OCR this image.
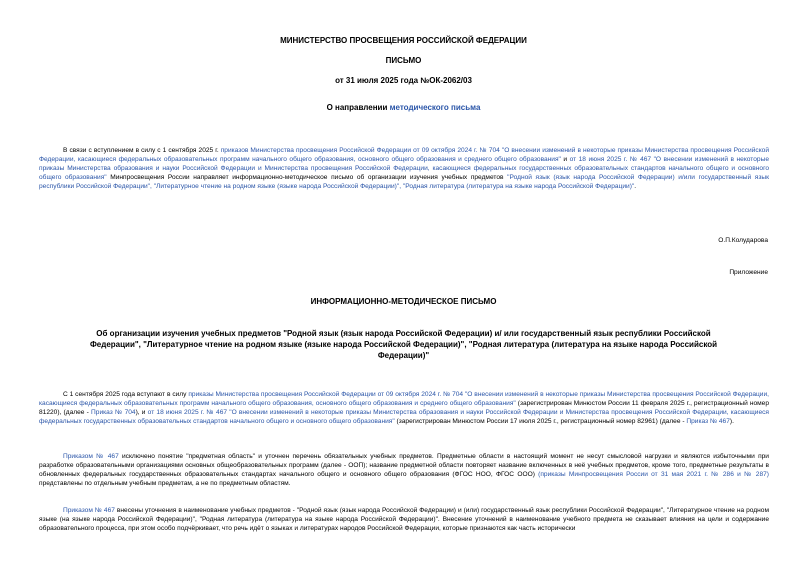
МИНИСТЕРСТВО ПРОСВЕЩЕНИЯ РОССИЙСКОЙ ФЕДЕРАЦИИ
ПИСЬМО
от 31 июля 2025 года №ОК-2062/03
О направлении методического письма
В связи с вступлением в силу с 1 сентября 2025 г. приказов Министерства просвещения Российской Федерации от 09 октября 2024 г. № 704 "О внесении изменений в некоторые приказы Министерства просвещения Российской Федерации, касающиеся федеральных образовательных программ начального общего образования, основного общего образования и среднего общего образования" и от 18 июня 2025 г. № 467 "О внесении изменений в некоторые приказы Министерства образования и науки Российской Федерации и Министерства просвещения Российской Федерации, касающиеся федеральных государственных образовательных стандартов начального общего и основного общего образования" Минпросвещения России направляет информационно-методическое письмо об организации изучения учебных предметов "Родной язык (язык народа Российской Федерации) и/или государственный язык республики Российской Федерации", "Литературное чтение на родном языке (языке народа Российской Федерации)", "Родная литература (литература на языке народа Российской Федерации)".
О.П.Колударова
Приложение
ИНФОРМАЦИОННО-МЕТОДИЧЕСКОЕ ПИСЬМО
Об организации изучения учебных предметов "Родной язык (язык народа Российской Федерации) и/ или государственный язык республики Российской Федерации", "Литературное чтение на родном языке (языке народа Российской Федерации)", "Родная литература (литература на языке народа Российской Федерации)"
С 1 сентября 2025 года вступают в силу приказы Министерства просвещения Российской Федерации от 09 октября 2024 г. № 704 "О внесении изменений в некоторые приказы Министерства просвещения Российской Федерации, касающиеся федеральных образовательных программ начального общего образования, основного общего образования и среднего общего образования" (зарегистрирован Минюстом России 11 февраля 2025 г., регистрационный номер 81220), (далее - Приказ № 704), и от 18 июня 2025 г. № 467 "О внесении изменений в некоторые приказы Министерства образования и науки Российской Федерации и Министерства просвещения Российской Федерации, касающиеся федеральных государственных образовательных стандартов начального общего и основного общего образования" (зарегистрирован Минюстом России 17 июля 2025 г., регистрационный номер 82961) (далее - Приказ № 467).
Приказом № 467 исключено понятие "предметная область" и уточнен перечень обязательных учебных предметов. Предметные области в настоящий момент не несут смысловой нагрузки и являются избыточными при разработке образовательными организациями основных общеобразовательных программ (далее - ООП); название предметной области повторяет название включенных в неё учебных предметов, кроме того, предметные результаты в обновленных федеральных государственных образовательных стандартах начального общего и основного общего образования (ФГОС НОО, ФГОС ООО) (приказы Минпросвещения России от 31 мая 2021 г. № 286 и № 287) представлены по отдельным учебным предметам, а не по предметным областям.
Приказом № 467 внесены уточнения в наименование учебных предметов - "Родной язык (язык народа Российской Федерации) и (или) государственный язык республики Российской Федерации", "Литературное чтение на родном языке (на языке народа Российской Федерации)", "Родная литература (литература на языке народа Российской Федерации)". Внесение уточнений в наименование учебного предмета не сказывает влияния на цели и содержание образовательного процесса, при этом особо подчёркивает, что речь идёт о языках и литературах народов Российской Федерации, которые признаются как часть исторически
